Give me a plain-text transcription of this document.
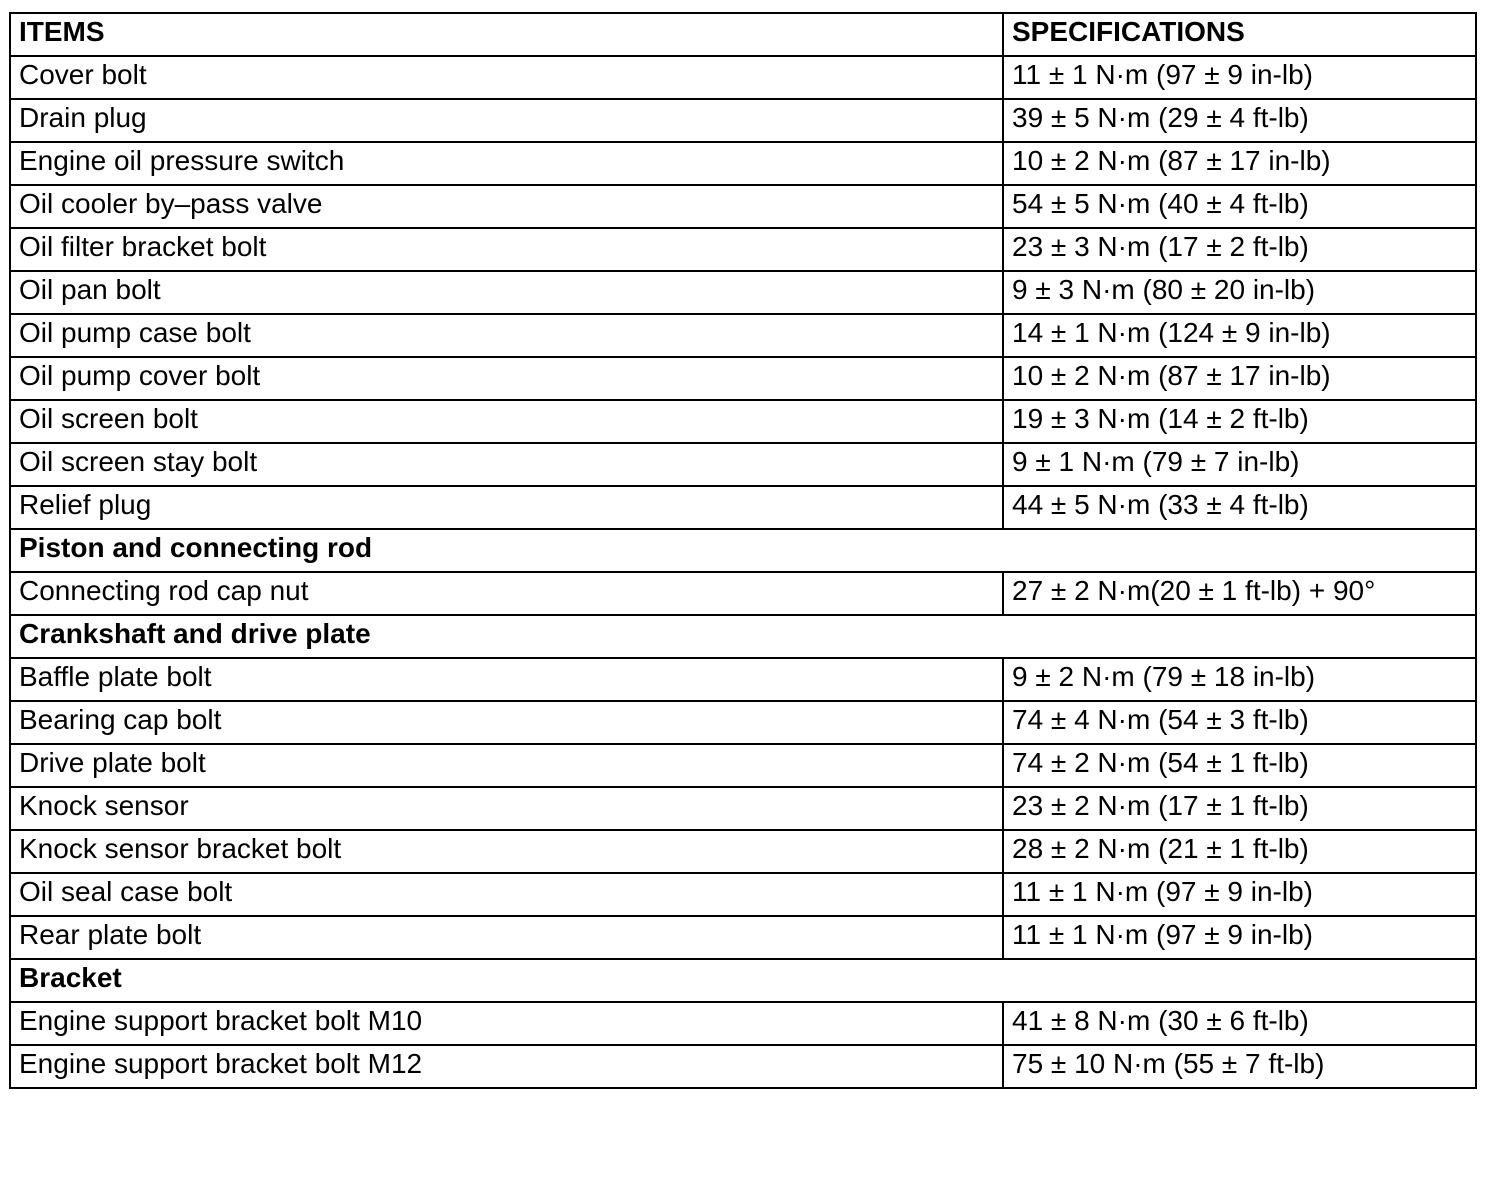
ITEMS	SPECIFICATIONS

Cover bolt	11 ± 1 N·m (97 ± 9 in-lb)

Drain plug	39 ± 5 N·m (29 ± 4 ft-lb)

Engine oil pressure switch	10 ± 2 N·m (87 ± 17 in-lb)

Oil cooler by–pass valve	54 ± 5 N·m (40 ± 4 ft-lb)

Oil filter bracket bolt	23 ± 3 N·m (17 ± 2 ft-lb)

Oil pan bolt	9 ± 3 N·m (80 ± 20 in-lb)

Oil pump case bolt	14 ± 1 N·m (124 ± 9 in-lb)

Oil pump cover bolt	10 ± 2 N·m (87 ± 17 in-lb)

Oil screen bolt	19 ± 3 N·m (14 ± 2 ft-lb)

Oil screen stay bolt	9 ± 1 N·m (79 ± 7 in-lb)

Relief plug	44 ± 5 N·m (33 ± 4 ft-lb)

Piston and connecting rod	

Connecting rod cap nut	27 ± 2 N·m(20 ± 1 ft-lb) + 90°

Crankshaft and drive plate	

Baffle plate bolt	9 ± 2 N·m (79 ± 18 in-lb)

Bearing cap bolt	74 ± 4 N·m (54 ± 3 ft-lb)

Drive plate bolt	74 ± 2 N·m (54 ± 1 ft-lb)

Knock sensor	23 ± 2 N·m (17 ± 1 ft-lb)

Knock sensor bracket bolt	28 ± 2 N·m (21 ± 1 ft-lb)

Oil seal case bolt	11 ± 1 N·m (97 ± 9 in-lb)

Rear plate bolt	11 ± 1 N·m (97 ± 9 in-lb)

Bracket	

Engine support bracket bolt M10	41 ± 8 N·m (30 ± 6 ft-lb)

Engine support bracket bolt M12	75 ± 10 N·m (55 ± 7 ft-lb)
